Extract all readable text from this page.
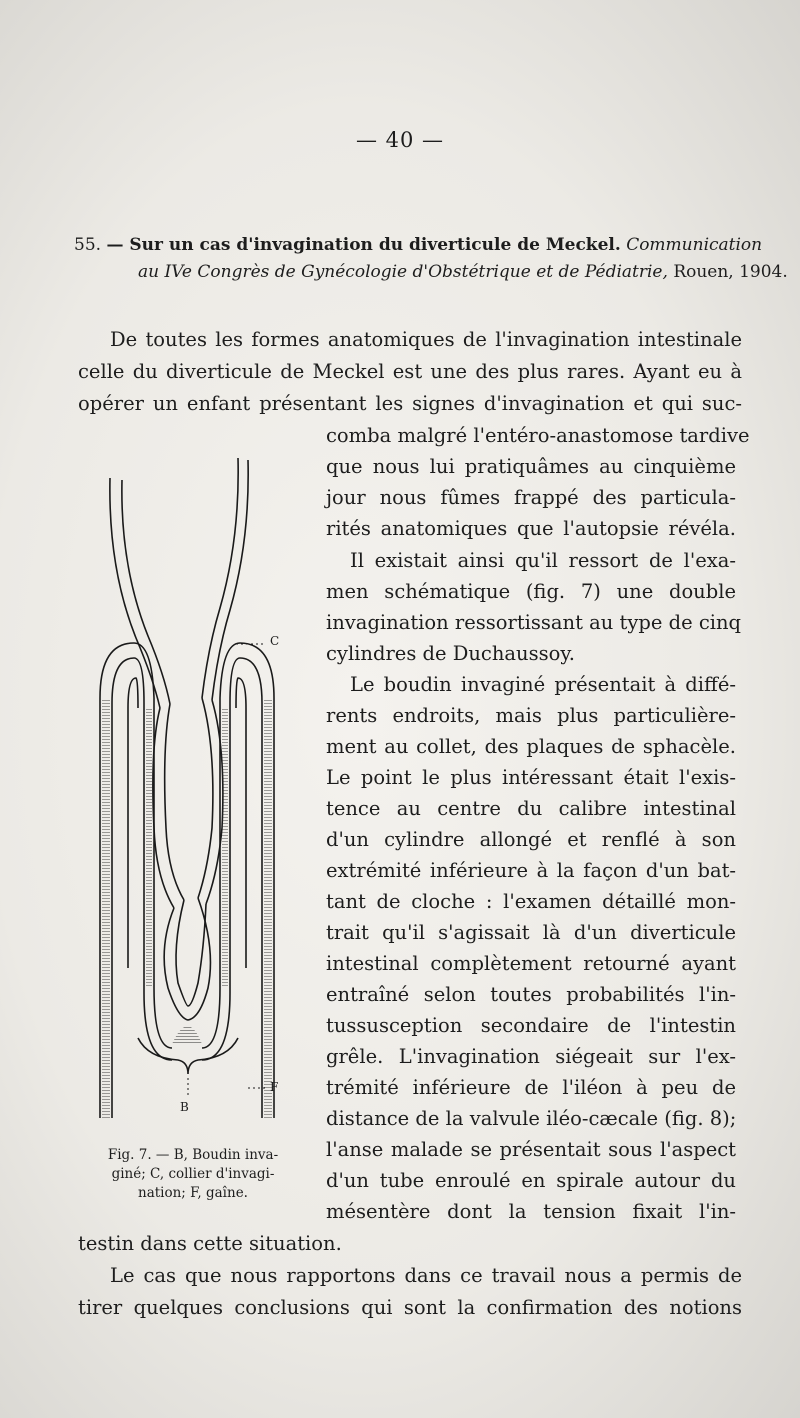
— 40 —
55. — Sur un cas d'invagination du diverticule de Meckel. Communication
au IVe Congrès de Gynécologie d'Obstétrique et de Pédiatrie, Rouen, 1904.
De toutes les formes anatomiques de l'invagination intestinale
celle du diverticule de Meckel est une des plus rares. Ayant eu à
opérer un enfant présentant les signes d'invagination et qui suc-
comba malgré l'entéro-anastomose tardive
que nous lui pratiquâmes au cinquième
jour nous fûmes frappé des particula-
rités anatomiques que l'autopsie révéla.
Il existait ainsi qu'il ressort de l'exa-
men schématique (fig. 7) une double
invagination ressortissant au type de cinq
cylindres de Duchaussoy.
Le boudin invaginé présentait à diffé-
rents endroits, mais plus particulière-
ment au collet, des plaques de sphacèle.
Le point le plus intéressant était l'exis-
tence au centre du calibre intestinal
d'un cylindre allongé et renflé à son
extrémité inférieure à la façon d'un bat-
tant de cloche : l'examen détaillé mon-
trait qu'il s'agissait là d'un diverticule
intestinal complètement retourné ayant
entraîné selon toutes probabilités l'in-
tussusception secondaire de l'intestin
grêle. L'invagination siégeait sur l'ex-
trémité inférieure de l'iléon à peu de
distance de la valvule iléo-cæcale (fig. 8);
l'anse malade se présentait sous l'aspect
d'un tube enroulé en spirale autour du
mésentère dont la tension fixait l'in-
testin dans cette situation.
Le cas que nous rapportons dans ce travail nous a permis de
tirer quelques conclusions qui sont la confirmation des notions
C
B
F
Fig. 7. — B, Boudin inva-
giné; C, collier d'invagi-
nation; F, gaîne.
